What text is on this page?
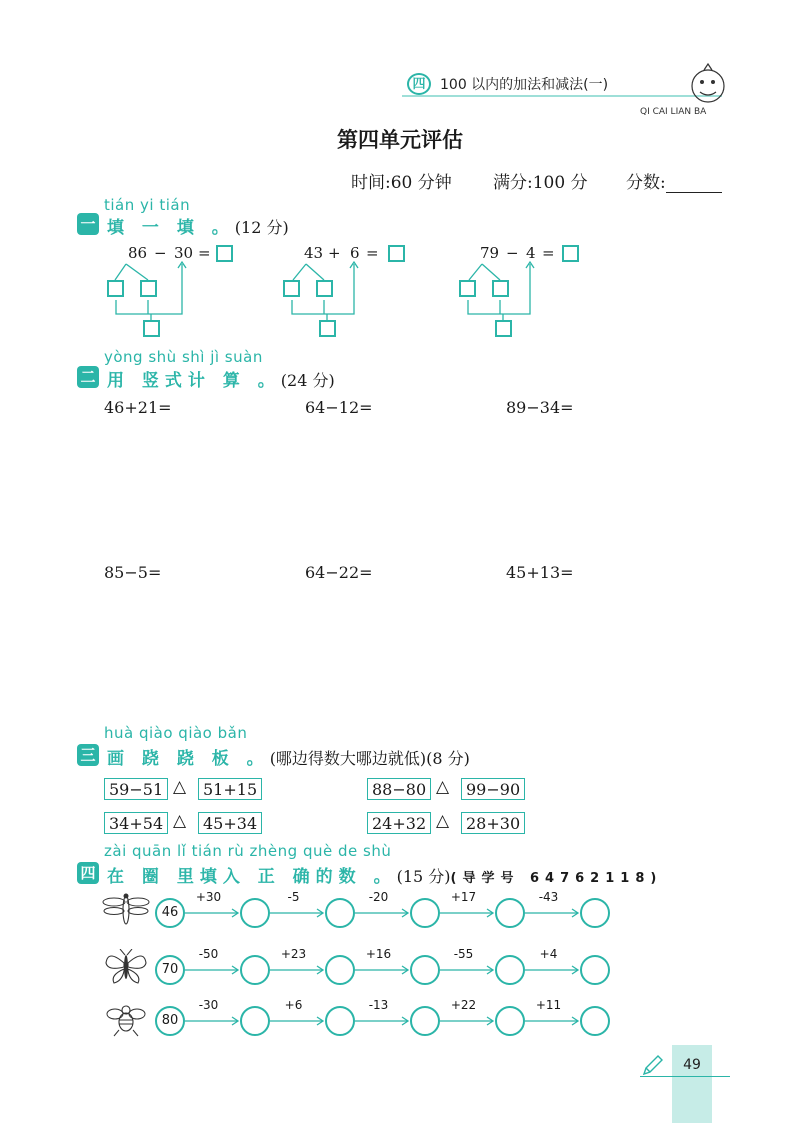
四	100 以内的加法和减法(一)
QI CAI LIAN BA
第四单元评估
时间:60 分钟 满分:100 分 分数:
tián yi tián
一 填 一 填 。(12 分)
86 − 30 =	43 + 6 =	79 − 4 =
yòng shù shì jì suàn
二 用 竖式计 算 。(24 分)
46+21=	64−12=	89−34=
85−5=	64−22=	45+13=
huà qiào qiào bǎn
三 画 跷 跷 板 。(哪边得数大哪边就低)(8 分)
59−51 △	51+15	88−80 △	99−90
34+54 △	45+34	24+32 △	28+30
zài quān lǐ tián rù zhèng què de shù
四 在 圈 里填入 正 确的数 。(15 分)(导学号 64762118)
46
+30	-5	-20	+17	-43
70
-50	+23	+16	-55	+4
80
-30	+6	-13	+22	+11
49
